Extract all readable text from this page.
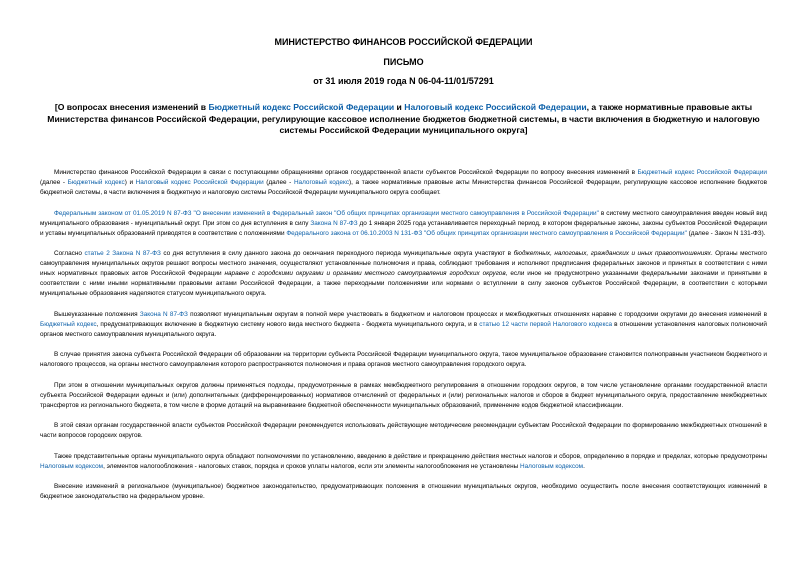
МИНИСТЕРСТВО ФИНАНСОВ РОССИЙСКОЙ ФЕДЕРАЦИИ
ПИСЬМО
от 31 июля 2019 года N 06-04-11/01/57291
[О вопросах внесения изменений в Бюджетный кодекс Российской Федерации и Налоговый кодекс Российской Федерации, а также нормативные правовые акты Министерства финансов Российской Федерации, регулирующие кассовое исполнение бюджетов бюджетной системы, в части включения в бюджетную и налоговую системы Российской Федерации муниципального округа]

Министерство финансов Российской Федерации в связи с поступающими обращениями органов государственной власти субъектов Российской Федерации по вопросу внесения изменений в Бюджетный кодекс Российской Федерации (далее - Бюджетный кодекс) и Налоговый кодекс Российской Федерации (далее - Налоговый кодекс), а также нормативные правовые акты Министерства финансов Российской Федерации, регулирующие кассовое исполнение бюджетов бюджетной системы, в части включения в бюджетную и налоговую системы Российской Федерации муниципального округа сообщает.

Федеральным законом от 01.05.2019 N 87-ФЗ "О внесении изменений в Федеральный закон "Об общих принципах организации местного самоуправления в Российской Федерации" в систему местного самоуправления введен новый вид муниципального образования - муниципальный округ. При этом со дня вступления в силу Закона N 87-ФЗ до 1 января 2025 года устанавливается переходный период, в котором федеральные законы, законы субъектов Российской Федерации и уставы муниципальных образований приводятся в соответствие с положениями Федерального закона от 06.10.2003 N 131-ФЗ "Об общих принципах организации местного самоуправления в Российской Федерации" (далее - Закон N 131-ФЗ).

Согласно статье 2 Закона N 87-ФЗ со дня вступления в силу данного закона до окончания переходного периода муниципальные округа участвуют в бюджетных, налоговых, гражданских и иных правоотношениях. Органы местного самоуправления муниципальных округов решают вопросы местного значения, осуществляют установленные полномочия и права, соблюдают требования и исполняют предписания федеральных законов и принятых в соответствии с ними иных нормативных правовых актов Российской Федерации наравне с городскими округами и органами местного самоуправления городских округов, если иное не предусмотрено указанными федеральными законами и принятыми в соответствии с ними иными нормативными правовыми актами Российской Федерации, а также переходными положениями или нормами о вступлении в силу законов субъектов Российской Федерации, в соответствии с которыми муниципальные образования наделяются статусом муниципального округа.

Вышеуказанные положения Закона N 87-ФЗ позволяют муниципальным округам в полной мере участвовать в бюджетном и налоговом процессах и межбюджетных отношениях наравне с городскими округами до внесения изменений в Бюджетный кодекс, предусматривающих включение в бюджетную систему нового вида местного бюджета - бюджета муниципального округа, и в статью 12 части первой Налогового кодекса в отношении установления налоговых полномочий органов местного самоуправления муниципального округа.

В случае принятия закона субъекта Российской Федерации об образовании на территории субъекта Российской Федерации муниципального округа, такое муниципальное образование становится полноправным участником бюджетного и налогового процессов, на органы местного самоуправления которого распространяются полномочия и права органов местного самоуправления городского округа.

При этом в отношении муниципальных округов должны применяться подходы, предусмотренные в рамках межбюджетного регулирования в отношении городских округов, в том числе установление органами государственной власти субъекта Российской Федерации единых и (или) дополнительных (дифференцированных) нормативов отчислений от федеральных и (или) региональных налогов и сборов в бюджет муниципального округа, предоставление межбюджетных трансфертов из регионального бюджета, в том числе в форме дотаций на выравнивание бюджетной обеспеченности муниципальных образований, применение кодов бюджетной классификации.

В этой связи органам государственной власти субъектов Российской Федерации рекомендуется использовать действующие методические рекомендации субъектам Российской Федерации по формированию межбюджетных отношений в части вопросов городских округов.

Также представительные органы муниципального округа обладают полномочиями по установлению, введению в действие и прекращению действия местных налогов и сборов, определению в порядке и пределах, которые предусмотрены Налоговым кодексом, элементов налогообложения - налоговых ставок, порядка и сроков уплаты налогов, если эти элементы налогообложения не установлены Налоговым кодексом.

Внесение изменений в региональное (муниципальное) бюджетное законодательство, предусматривающих положения в отношении муниципальных округов, необходимо осуществить после внесения соответствующих изменений в бюджетное законодательство на федеральном уровне.
